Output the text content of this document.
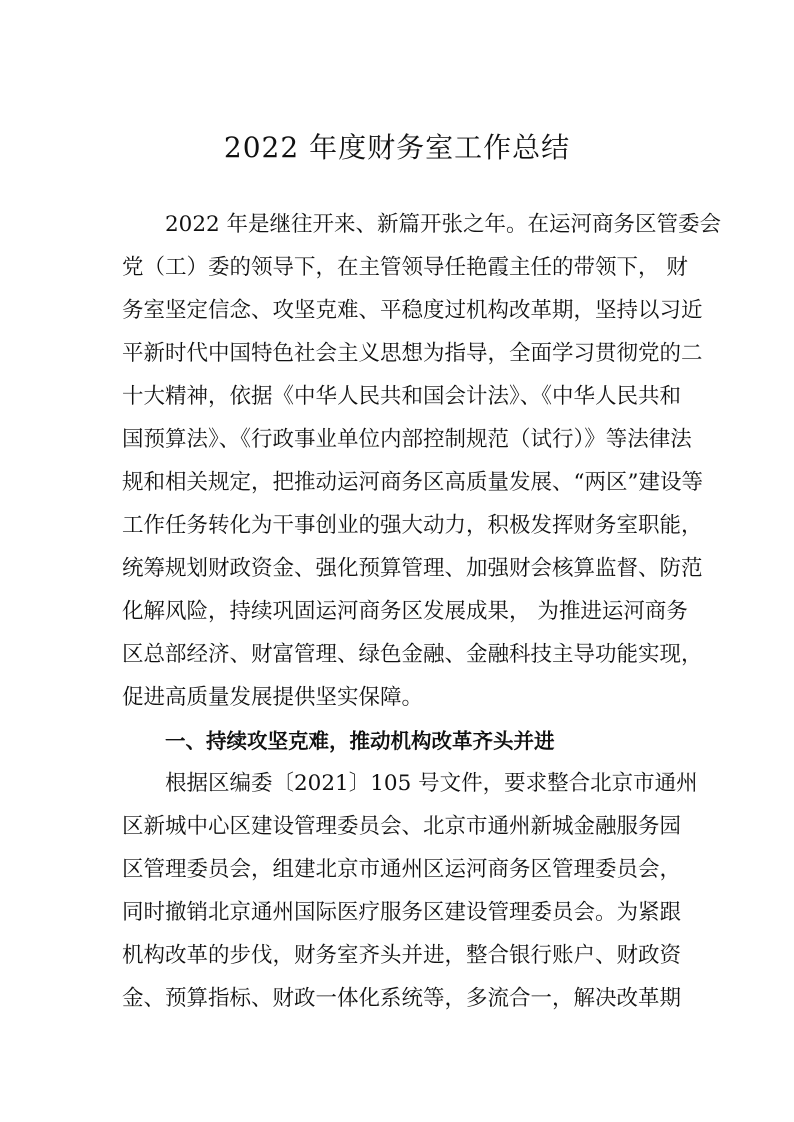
2022 年度财务室工作总结
2022 年是继往开来、新篇开张之年。在运河商务区管委会
党（工）委的领导下，在主管领导任艳霞主任的带领下， 财
务室坚定信念、攻坚克难、平稳度过机构改革期，坚持以习近
平新时代中国特色社会主义思想为指导，全面学习贯彻党的二
十大精神，依据《中华人民共和国会计法》、《中华人民共和
国预算法》、《行政事业单位内部控制规范（试行）》等法律法
规和相关规定，把推动运河商务区高质量发展、“两区”建设等
工作任务转化为干事创业的强大动力，积极发挥财务室职能，
统筹规划财政资金、强化预算管理、加强财会核算监督、防范
化解风险，持续巩固运河商务区发展成果， 为推进运河商务
区总部经济、财富管理、绿色金融、金融科技主导功能实现，
促进高质量发展提供坚实保障。
一、持续攻坚克难，推动机构改革齐头并进
根据区编委〔2021〕105 号文件，要求整合北京市通州
区新城中心区建设管理委员会、北京市通州新城金融服务园
区管理委员会，组建北京市通州区运河商务区管理委员会，
同时撤销北京通州国际医疗服务区建设管理委员会。为紧跟
机构改革的步伐，财务室齐头并进，整合银行账户、财政资
金、预算指标、财政一体化系统等，多流合一，解决改革期
